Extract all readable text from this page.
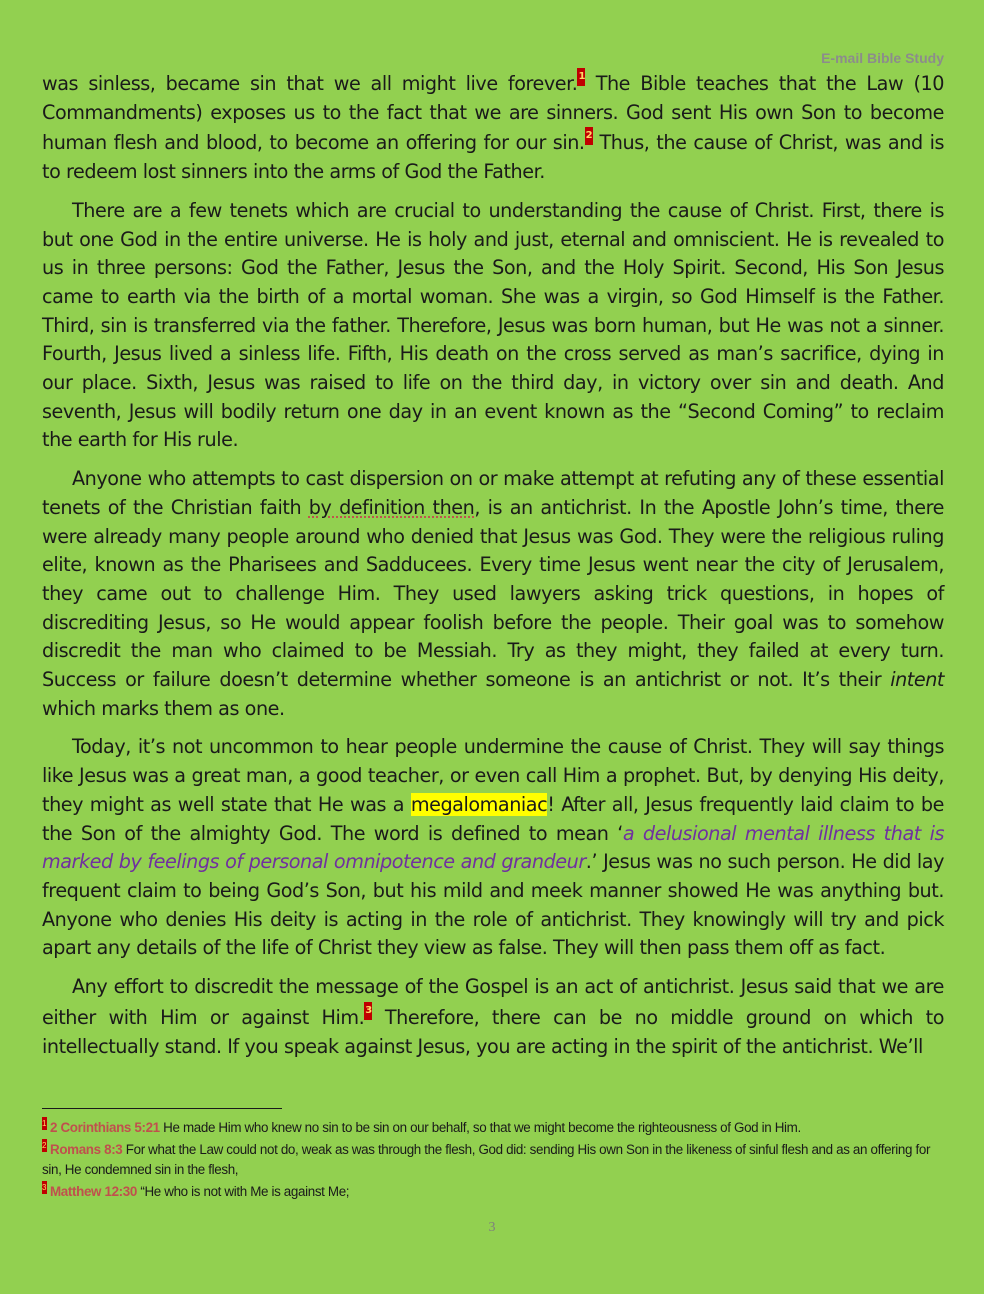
E-mail Bible Study

was sinless, became sin that we all might live forever.1 The Bible teaches that the Law (10 Commandments) exposes us to the fact that we are sinners. God sent His own Son to become human flesh and blood, to become an offering for our sin.2 Thus, the cause of Christ, was and is to redeem lost sinners into the arms of God the Father.

There are a few tenets which are crucial to understanding the cause of Christ. First, there is but one God in the entire universe. He is holy and just, eternal and omniscient. He is revealed to us in three persons: God the Father, Jesus the Son, and the Holy Spirit. Second, His Son Jesus came to earth via the birth of a mortal woman. She was a virgin, so God Himself is the Father. Third, sin is transferred via the father. Therefore, Jesus was born human, but He was not a sinner. Fourth, Jesus lived a sinless life. Fifth, His death on the cross served as man’s sacrifice, dying in our place. Sixth, Jesus was raised to life on the third day, in victory over sin and death. And seventh, Jesus will bodily return one day in an event known as the “Second Coming” to reclaim the earth for His rule.

Anyone who attempts to cast dispersion on or make attempt at refuting any of these essential tenets of the Christian faith by definition then, is an antichrist. In the Apostle John’s time, there were already many people around who denied that Jesus was God. They were the religious ruling elite, known as the Pharisees and Sadducees. Every time Jesus went near the city of Jerusalem, they came out to challenge Him. They used lawyers asking trick questions, in hopes of discrediting Jesus, so He would appear foolish before the people. Their goal was to somehow discredit the man who claimed to be Messiah. Try as they might, they failed at every turn. Success or failure doesn’t determine whether someone is an antichrist or not. It’s their intent which marks them as one.

Today, it’s not uncommon to hear people undermine the cause of Christ. They will say things like Jesus was a great man, a good teacher, or even call Him a prophet. But, by denying His deity, they might as well state that He was a megalomaniac! After all, Jesus frequently laid claim to be the Son of the almighty God. The word is defined to mean ‘a delusional mental illness that is marked by feelings of personal omnipotence and grandeur.’ Jesus was no such person. He did lay frequent claim to being God’s Son, but his mild and meek manner showed He was anything but. Anyone who denies His deity is acting in the role of antichrist. They knowingly will try and pick apart any details of the life of Christ they view as false. They will then pass them off as fact.

Any effort to discredit the message of the Gospel is an act of antichrist. Jesus said that we are either with Him or against Him.3 Therefore, there can be no middle ground on which to intellectually stand. If you speak against Jesus, you are acting in the spirit of the antichrist. We’ll

1 2 Corinthians 5:21 He made Him who knew no sin to be sin on our behalf, so that we might become the righteousness of God in Him.
2 Romans 8:3 For what the Law could not do, weak as was through the flesh, God did: sending His own Son in the likeness of sinful flesh and as an offering for sin, He condemned sin in the flesh,
3 Matthew 12:30 “He who is not with Me is against Me;
3
